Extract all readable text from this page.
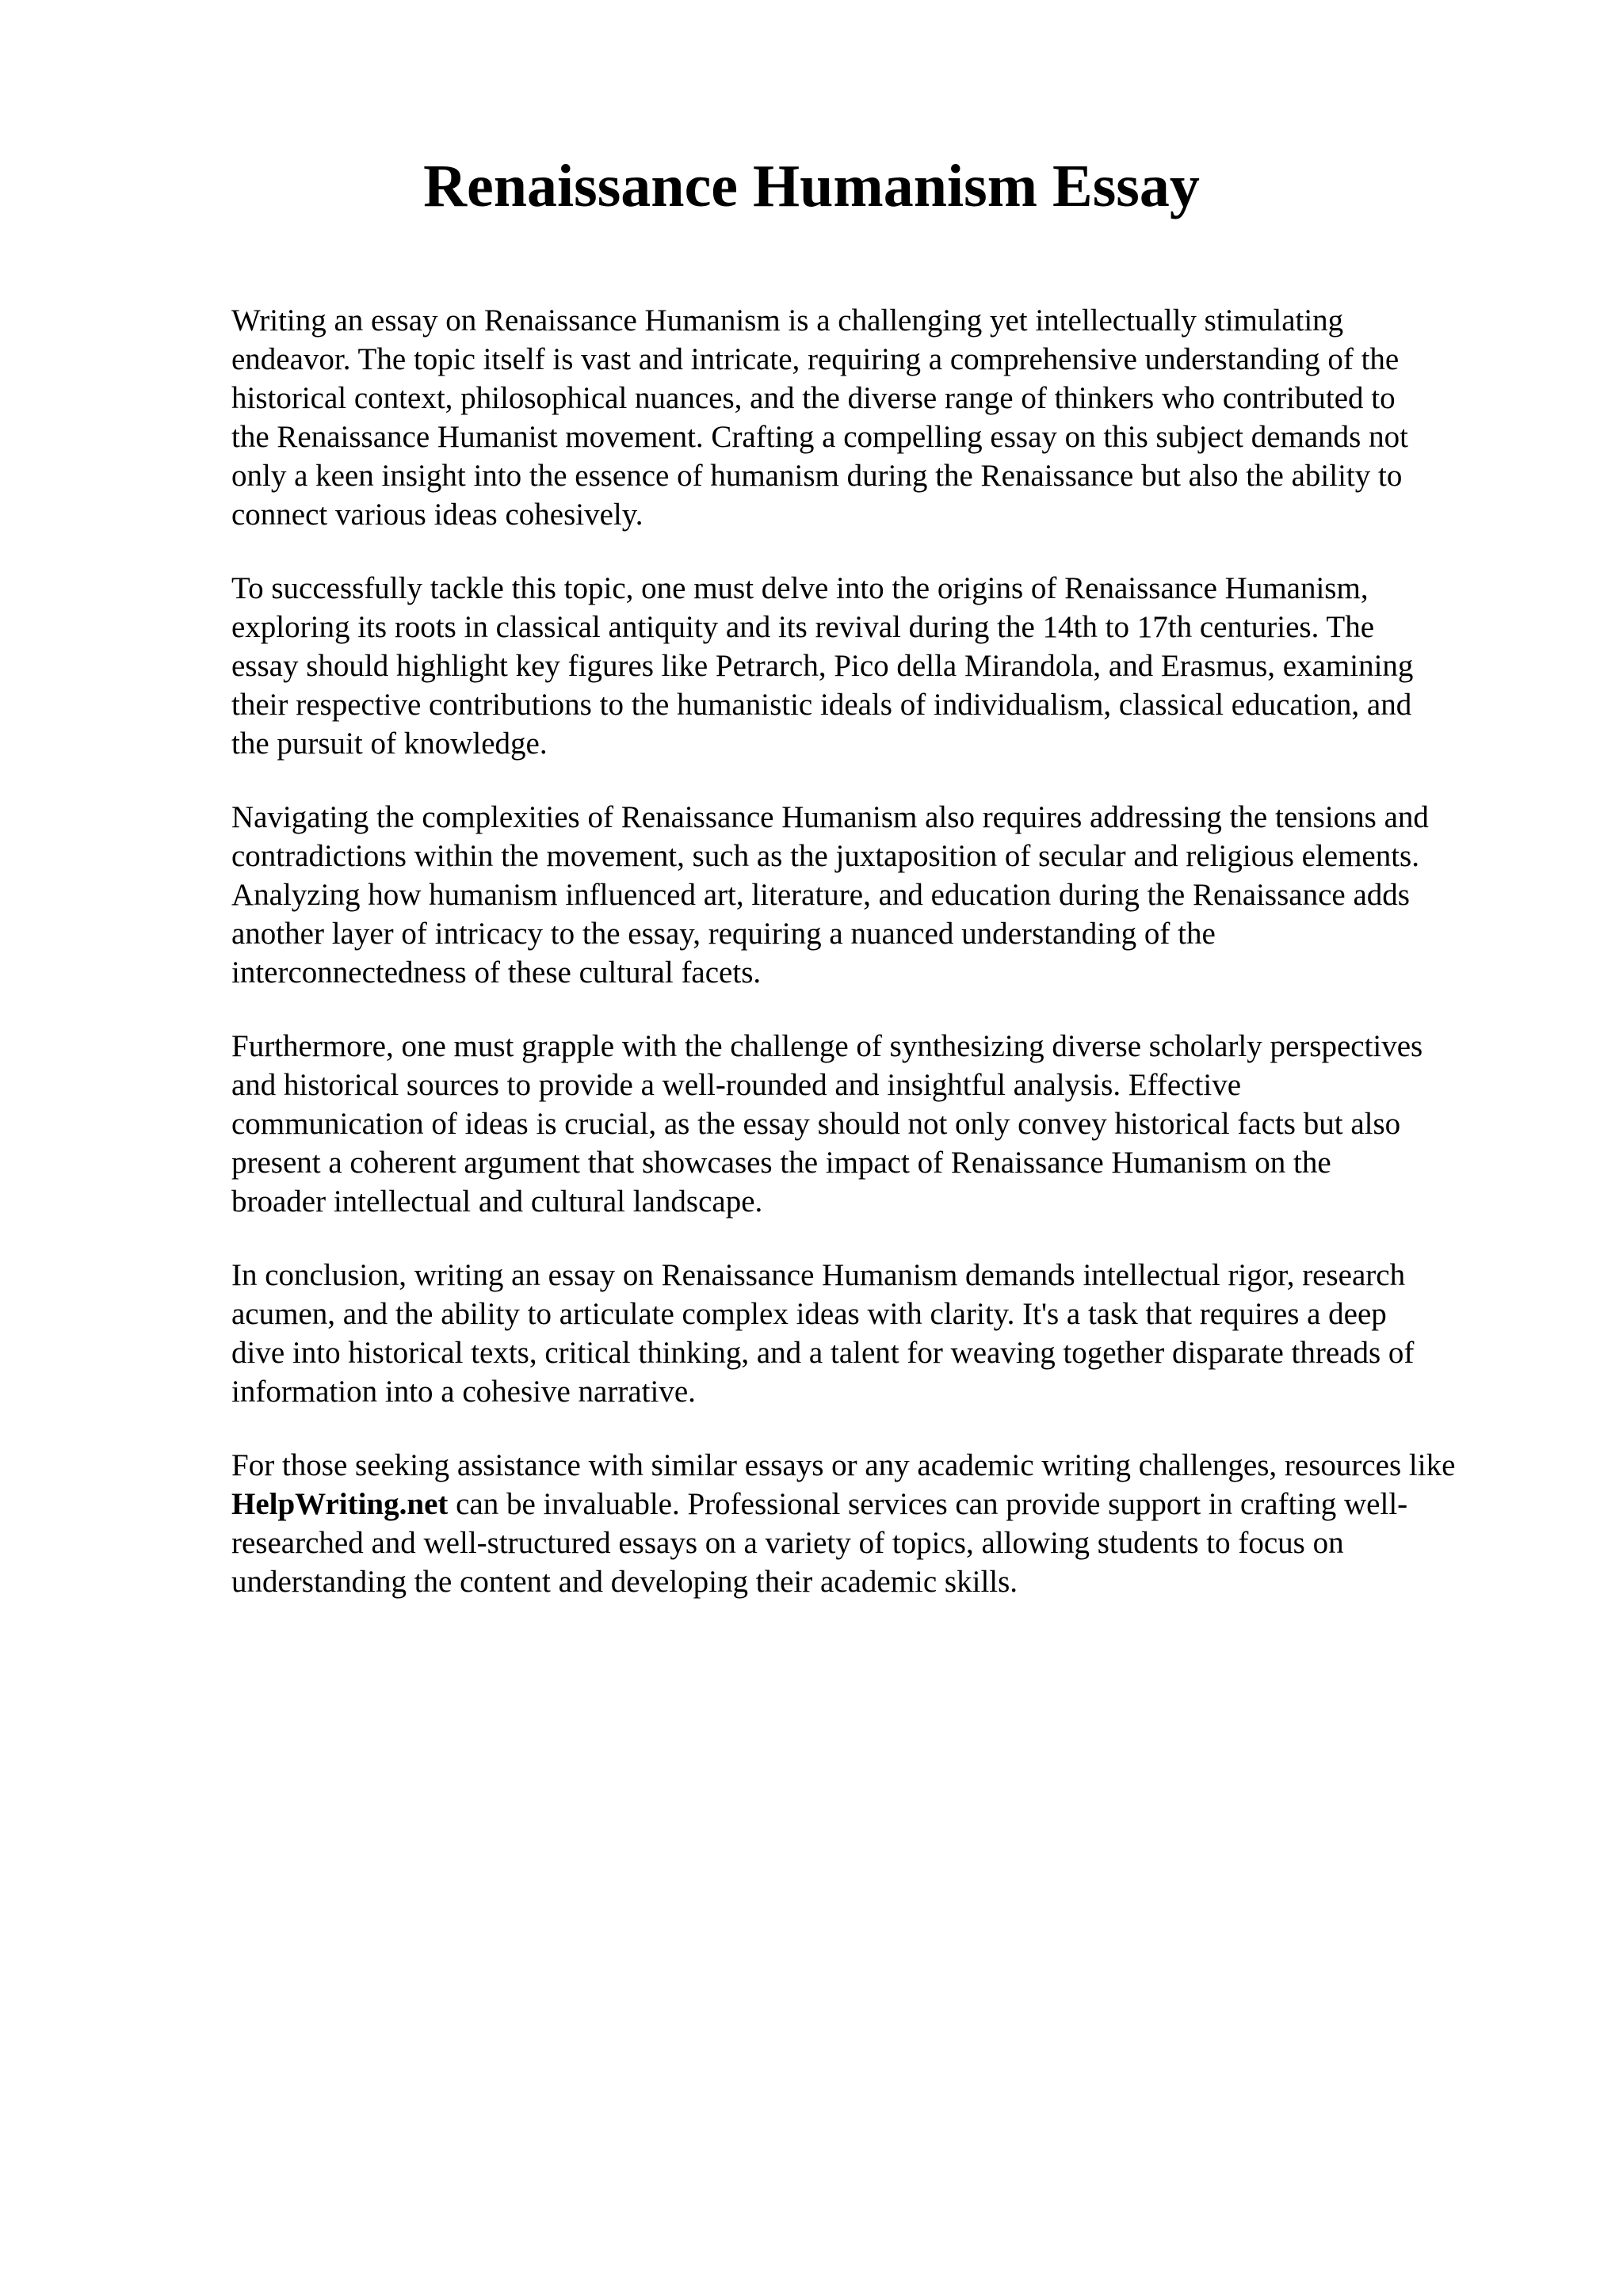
Renaissance Humanism Essay

Writing an essay on Renaissance Humanism is a challenging yet intellectually stimulating
endeavor. The topic itself is vast and intricate, requiring a comprehensive understanding of the
historical context, philosophical nuances, and the diverse range of thinkers who contributed to
the Renaissance Humanist movement. Crafting a compelling essay on this subject demands not
only a keen insight into the essence of humanism during the Renaissance but also the ability to
connect various ideas cohesively.

To successfully tackle this topic, one must delve into the origins of Renaissance Humanism,
exploring its roots in classical antiquity and its revival during the 14th to 17th centuries. The
essay should highlight key figures like Petrarch, Pico della Mirandola, and Erasmus, examining
their respective contributions to the humanistic ideals of individualism, classical education, and
the pursuit of knowledge.

Navigating the complexities of Renaissance Humanism also requires addressing the tensions and
contradictions within the movement, such as the juxtaposition of secular and religious elements.
Analyzing how humanism influenced art, literature, and education during the Renaissance adds
another layer of intricacy to the essay, requiring a nuanced understanding of the
interconnectedness of these cultural facets.

Furthermore, one must grapple with the challenge of synthesizing diverse scholarly perspectives
and historical sources to provide a well-rounded and insightful analysis. Effective
communication of ideas is crucial, as the essay should not only convey historical facts but also
present a coherent argument that showcases the impact of Renaissance Humanism on the
broader intellectual and cultural landscape.

In conclusion, writing an essay on Renaissance Humanism demands intellectual rigor, research
acumen, and the ability to articulate complex ideas with clarity. It's a task that requires a deep
dive into historical texts, critical thinking, and a talent for weaving together disparate threads of
information into a cohesive narrative.

For those seeking assistance with similar essays or any academic writing challenges, resources like
HelpWriting.net can be invaluable. Professional services can provide support in crafting well-
researched and well-structured essays on a variety of topics, allowing students to focus on
understanding the content and developing their academic skills.
